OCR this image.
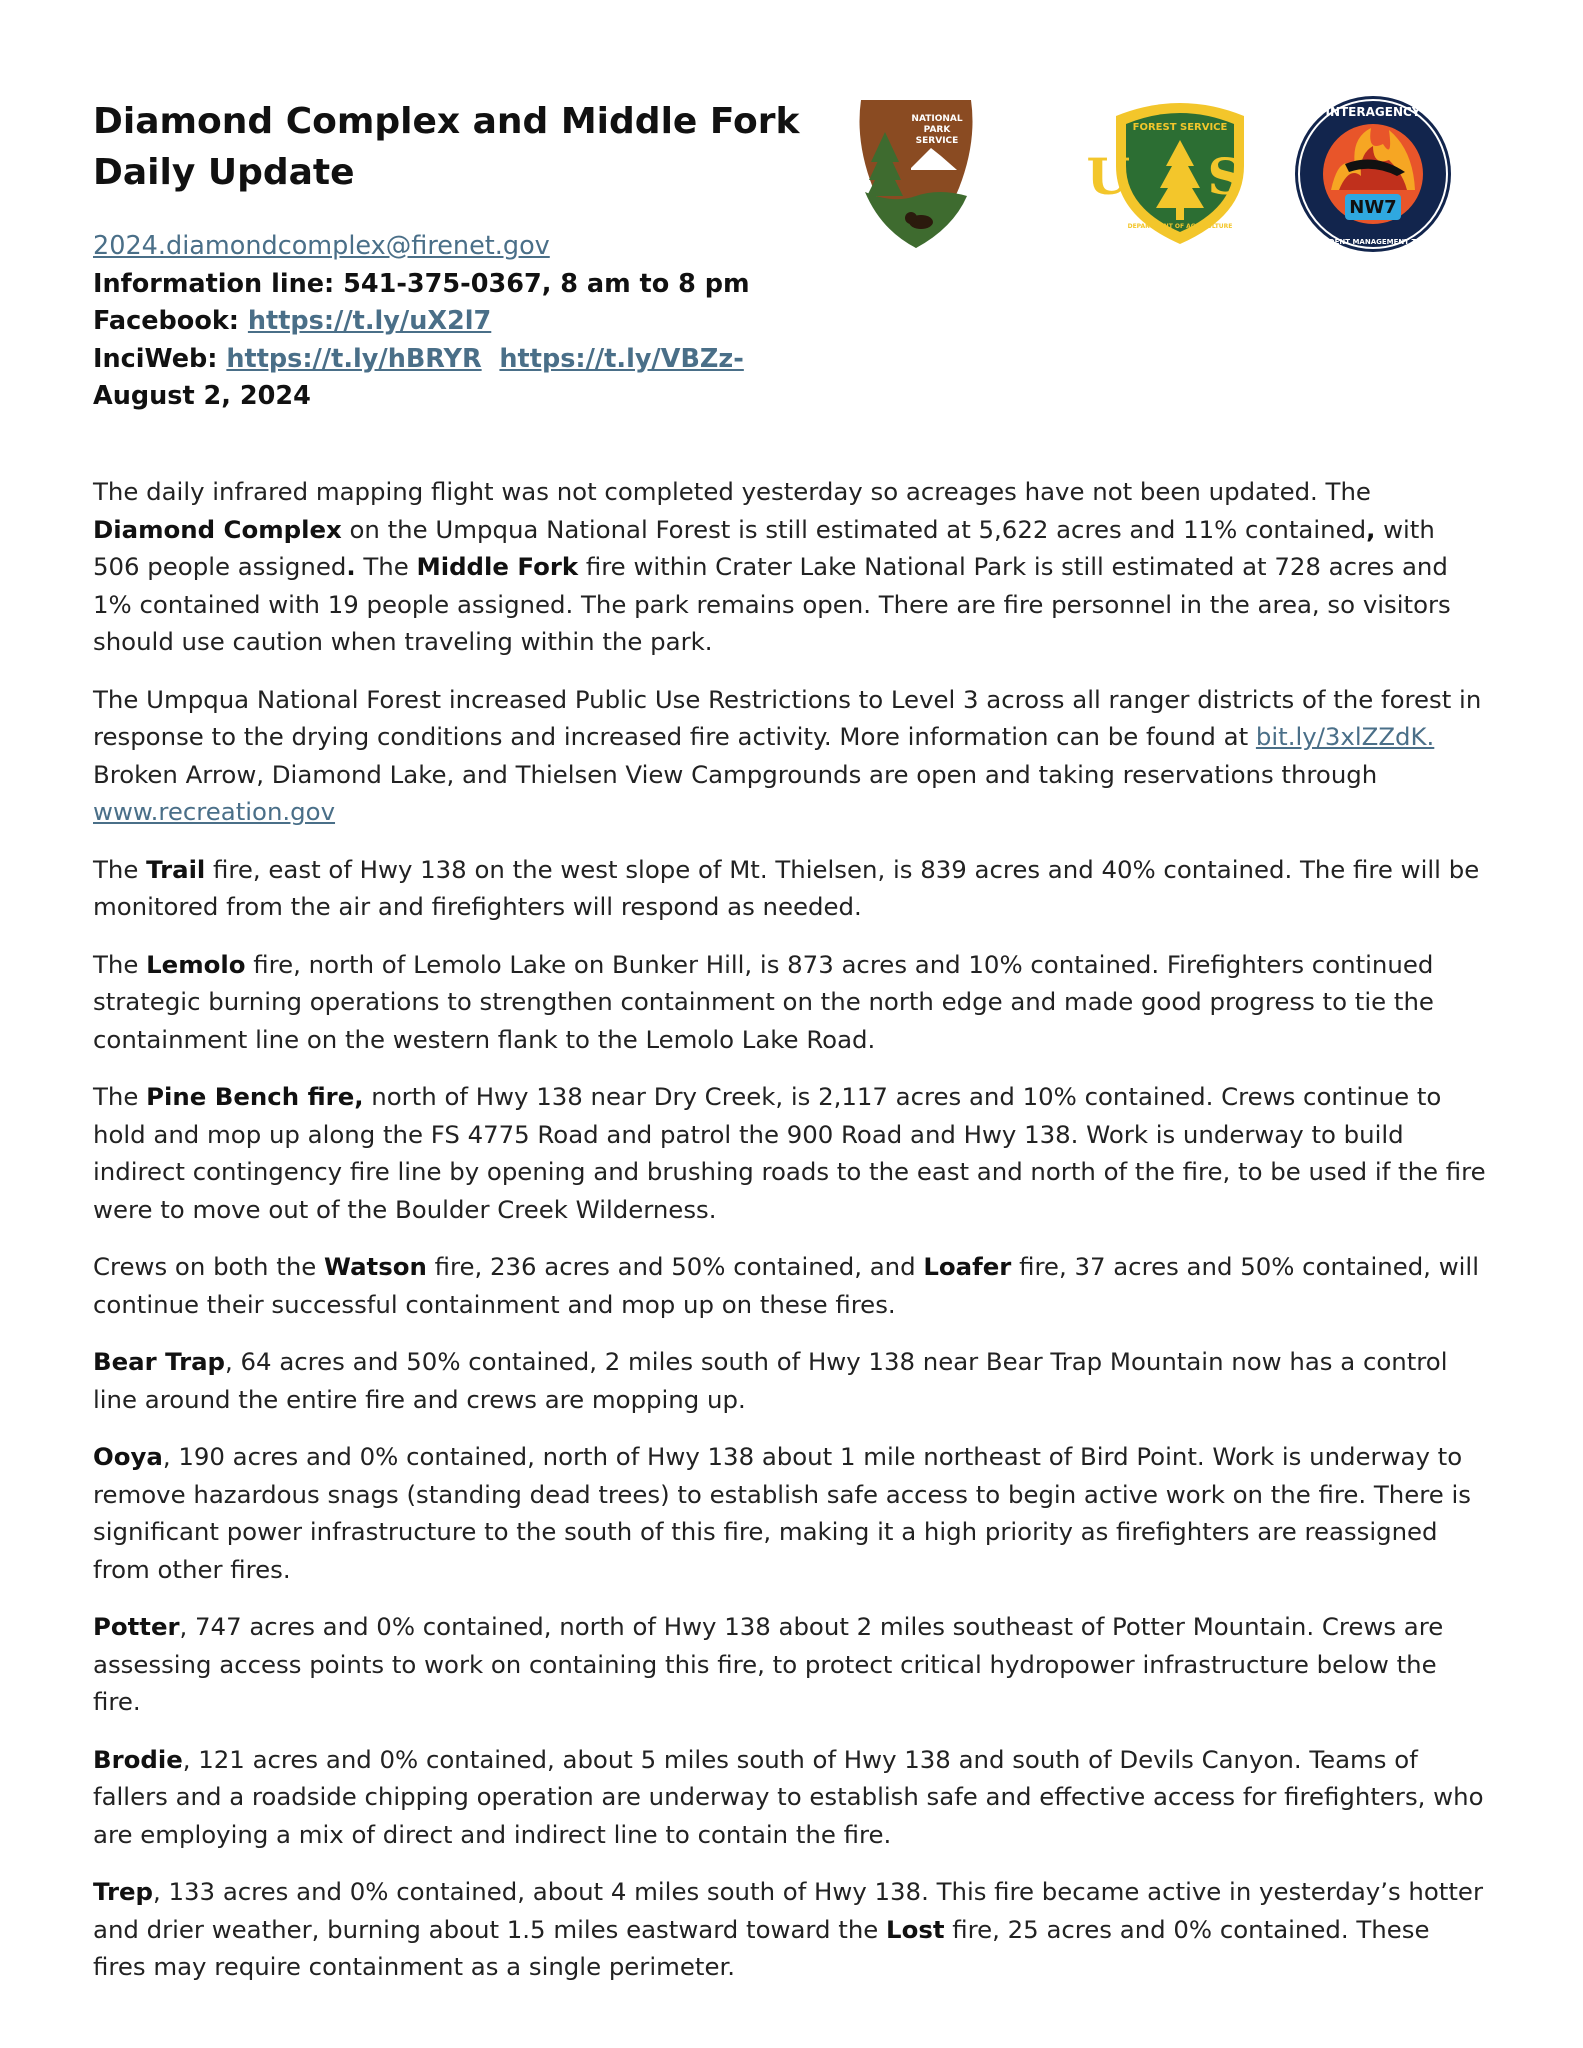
Diamond Complex and Middle Fork
Daily Update
2024.diamondcomplex@firenet.gov
Information line: 541-375-0367, 8 am to 8 pm
Facebook: https://t.ly/uX2l7
InciWeb: https://t.ly/hBRYR https://t.ly/VBZz-
August 2, 2024
NATIONAL
PARK
SERVICE
FOREST SERVICE
U S
DEPARTMENT OF AGRICULTURE
NW7
INTERAGENCY
INCIDENT MANAGEMENT TEAM

The daily infrared mapping flight was not completed yesterday so acreages have not been updated. The Diamond Complex on the Umpqua National Forest is still estimated at 5,622 acres and 11% contained, with 506 people assigned. The Middle Fork fire within Crater Lake National Park is still estimated at 728 acres and 1% contained with 19 people assigned. The park remains open. There are fire personnel in the area, so visitors should use caution when traveling within the park.

The Umpqua National Forest increased Public Use Restrictions to Level 3 across all ranger districts of the forest in response to the drying conditions and increased fire activity. More information can be found at bit.ly/3xlZZdK. Broken Arrow, Diamond Lake, and Thielsen View Campgrounds are open and taking reservations through www.recreation.gov

The Trail fire, east of Hwy 138 on the west slope of Mt. Thielsen, is 839 acres and 40% contained. The fire will be monitored from the air and firefighters will respond as needed.

The Lemolo fire, north of Lemolo Lake on Bunker Hill, is 873 acres and 10% contained. Firefighters continued strategic burning operations to strengthen containment on the north edge and made good progress to tie the containment line on the western flank to the Lemolo Lake Road.

The Pine Bench fire, north of Hwy 138 near Dry Creek, is 2,117 acres and 10% contained. Crews continue to hold and mop up along the FS 4775 Road and patrol the 900 Road and Hwy 138. Work is underway to build indirect contingency fire line by opening and brushing roads to the east and north of the fire, to be used if the fire were to move out of the Boulder Creek Wilderness.

Crews on both the Watson fire, 236 acres and 50% contained, and Loafer fire, 37 acres and 50% contained, will continue their successful containment and mop up on these fires.

Bear Trap, 64 acres and 50% contained, 2 miles south of Hwy 138 near Bear Trap Mountain now has a control line around the entire fire and crews are mopping up.

Ooya, 190 acres and 0% contained, north of Hwy 138 about 1 mile northeast of Bird Point. Work is underway to remove hazardous snags (standing dead trees) to establish safe access to begin active work on the fire. There is significant power infrastructure to the south of this fire, making it a high priority as firefighters are reassigned from other fires.

Potter, 747 acres and 0% contained, north of Hwy 138 about 2 miles southeast of Potter Mountain. Crews are assessing access points to work on containing this fire, to protect critical hydropower infrastructure below the fire.

Brodie, 121 acres and 0% contained, about 5 miles south of Hwy 138 and south of Devils Canyon. Teams of fallers and a roadside chipping operation are underway to establish safe and effective access for firefighters, who are employing a mix of direct and indirect line to contain the fire.

Trep, 133 acres and 0% contained, about 4 miles south of Hwy 138. This fire became active in yesterday’s hotter and drier weather, burning about 1.5 miles eastward toward the Lost fire, 25 acres and 0% contained. These fires may require containment as a single perimeter.
